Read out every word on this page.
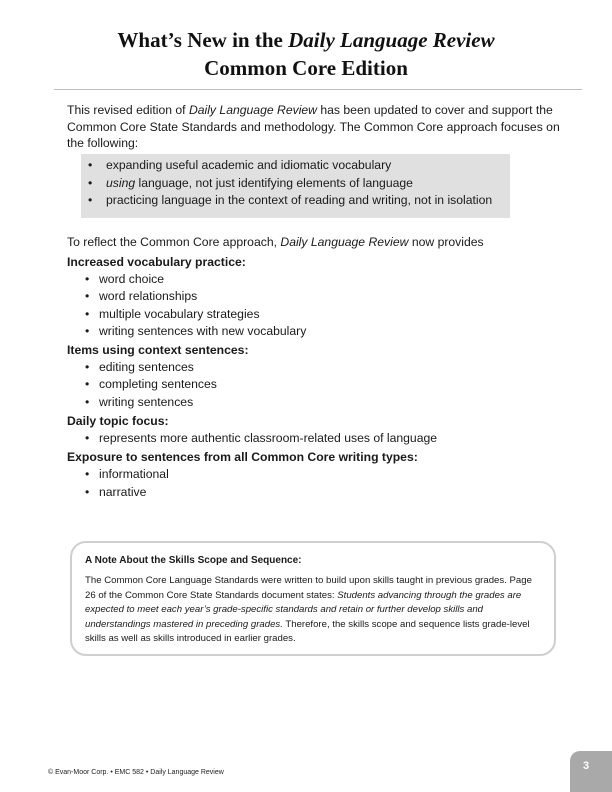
What’s New in the Daily Language Review
Common Core Edition

This revised edition of Daily Language Review has been updated to cover and support the Common Core State Standards and methodology. The Common Core approach focuses on the following:

• expanding useful academic and idiomatic vocabulary
• using language, not just identifying elements of language
• practicing language in the context of reading and writing, not in isolation

To reflect the Common Core approach, Daily Language Review now provides

Increased vocabulary practice:

• word choice
• word relationships
• multiple vocabulary strategies
• writing sentences with new vocabulary

Items using context sentences:

• editing sentences
• completing sentences
• writing sentences

Daily topic focus:

• represents more authentic classroom-related uses of language

Exposure to sentences from all Common Core writing types:

• informational
• narrative

A Note About the Skills Scope and Sequence:

The Common Core Language Standards were written to build upon skills taught in previous grades. Page 26 of the Common Core State Standards document states: Students advancing through the grades are expected to meet each year’s grade-specific standards and retain or further develop skills and understandings mastered in preceding grades. Therefore, the skills scope and sequence lists grade-level skills as well as skills introduced in earlier grades.

© Evan-Moor Corp. • EMC 582 • Daily Language Review
3
